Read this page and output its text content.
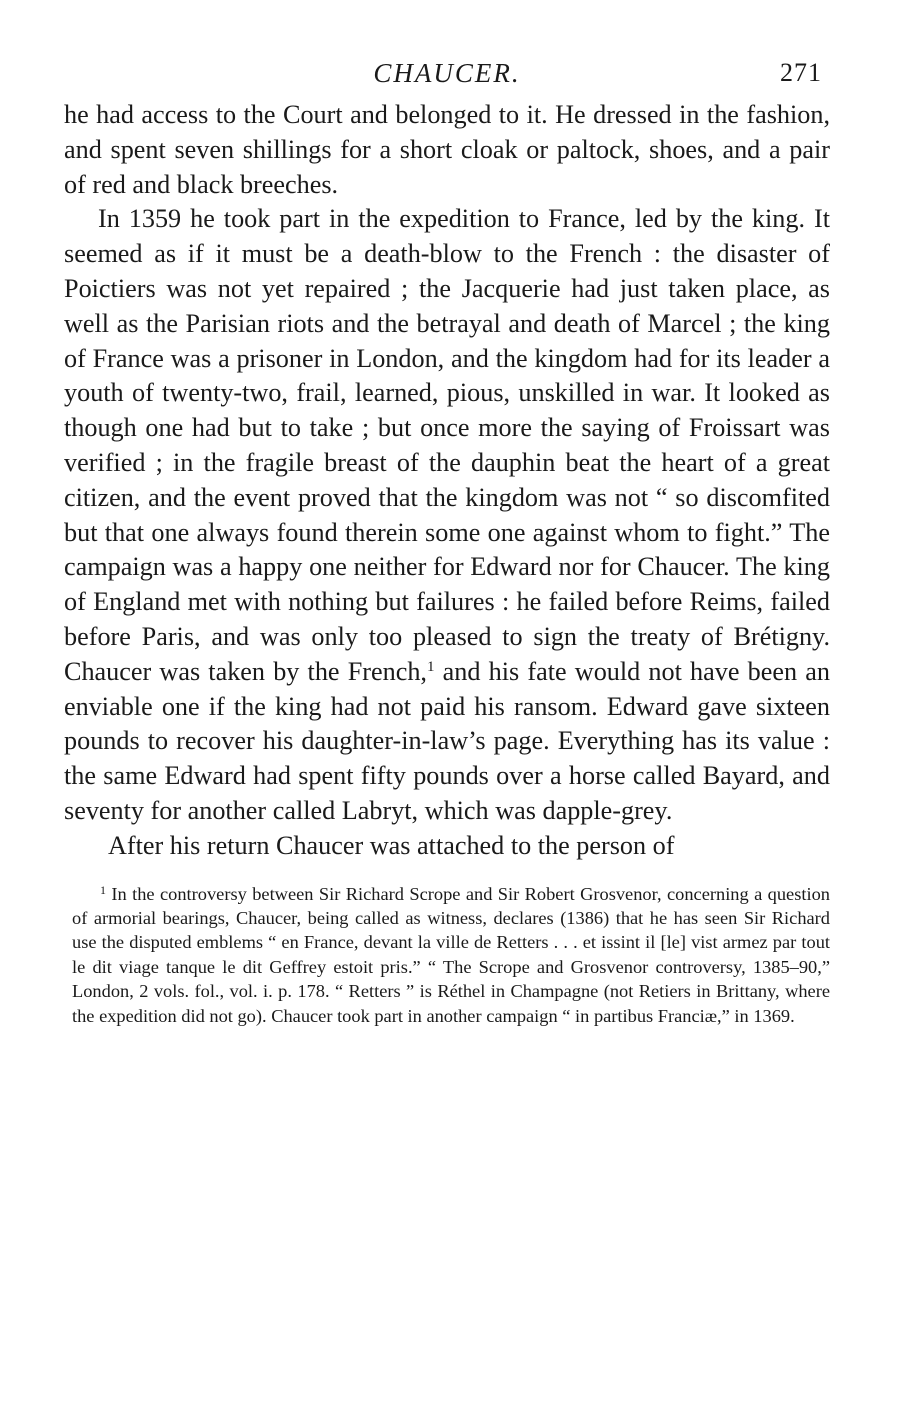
CHAUCER.	271

he had access to the Court and belonged to it. He dressed in the fashion, and spent seven shillings for a short cloak or paltock, shoes, and a pair of red and black breeches.

In 1359 he took part in the expedition to France, led by the king. It seemed as if it must be a death-blow to the French : the disaster of Poictiers was not yet repaired ; the Jacquerie had just taken place, as well as the Parisian riots and the betrayal and death of Marcel ; the king of France was a prisoner in London, and the kingdom had for its leader a youth of twenty-two, frail, learned, pious, unskilled in war. It looked as though one had but to take ; but once more the saying of Froissart was verified ; in the fragile breast of the dauphin beat the heart of a great citizen, and the event proved that the kingdom was not “ so discomfited but that one always found therein some one against whom to fight.” The campaign was a happy one neither for Edward nor for Chaucer. The king of England met with nothing but failures : he failed before Reims, failed before Paris, and was only too pleased to sign the treaty of Brétigny. Chaucer was taken by the French,$^1$ and his fate would not have been an enviable one if the king had not paid his ransom. Edward gave sixteen pounds to recover his daughter-in-law’s page. Everything has its value : the same Edward had spent fifty pounds over a horse called Bayard, and seventy for another called Labryt, which was dapple-grey.

After his return Chaucer was attached to the person of

$^1$ In the controversy between Sir Richard Scrope and Sir Robert Grosvenor, concerning a question of armorial bearings, Chaucer, being called as witness, declares (1386) that he has seen Sir Richard use the disputed emblems “ en France, devant la ville de Retters . . . et issint il [le] vist armez par tout le dit viage tanque le dit Geffrey estoit pris.” “ The Scrope and Grosvenor controversy, 1385–90,” London, 2 vols. fol., vol. i. p. 178. “ Retters ” is Réthel in Champagne (not Retiers in Brittany, where the expedition did not go). Chaucer took part in another campaign “ in partibus Franciæ,” in 1369.
